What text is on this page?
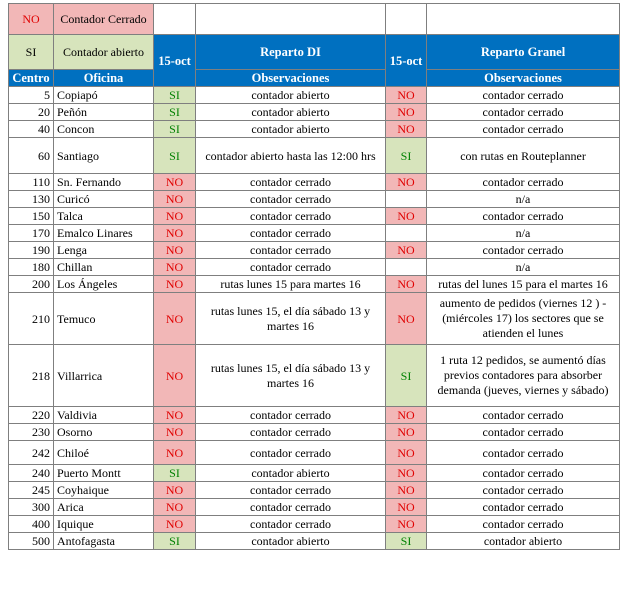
NO	Contador Cerrado				
SI	Contador abierto	15-oct	Reparto DI	15-oct	Reparto Granel
Centro	Oficina		Observaciones		Observaciones
5	Copiapó	SI	contador abierto	NO	contador cerrado
20	Peñón	SI	contador abierto	NO	contador cerrado
40	Concon	SI	contador abierto	NO	contador cerrado
60	Santiago	SI	contador abierto hasta las 12:00 hrs	SI	con rutas en Routeplanner
110	Sn. Fernando	NO	contador cerrado	NO	contador cerrado
130	Curicó	NO	contador cerrado		n/a
150	Talca	NO	contador cerrado	NO	contador cerrado
170	Emalco Linares	NO	contador cerrado		n/a
190	Lenga	NO	contador cerrado	NO	contador cerrado
180	Chillan	NO	contador cerrado		n/a
200	Los Ángeles	NO	rutas lunes 15 para martes 16	NO	rutas del lunes 15 para el martes 16
210	Temuco	NO	rutas lunes 15, el día sábado 13 y martes 16	NO	aumento de pedidos (viernes 12 ) - (miércoles 17) los sectores que se atienden el lunes
218	Villarrica	NO	rutas lunes 15, el día sábado 13 y martes 16	SI	1 ruta 12 pedidos, se aumentó días previos contadores para absorber demanda (jueves, viernes y sábado)
220	Valdivia	NO	contador cerrado	NO	contador cerrado
230	Osorno	NO	contador cerrado	NO	contador cerrado
242	Chiloé	NO	contador cerrado	NO	contador cerrado
240	Puerto Montt	SI	contador abierto	NO	contador cerrado
245	Coyhaique	NO	contador cerrado	NO	contador cerrado
300	Arica	NO	contador cerrado	NO	contador cerrado
400	Iquique	NO	contador cerrado	NO	contador cerrado
500	Antofagasta	SI	contador abierto	SI	contador abierto
